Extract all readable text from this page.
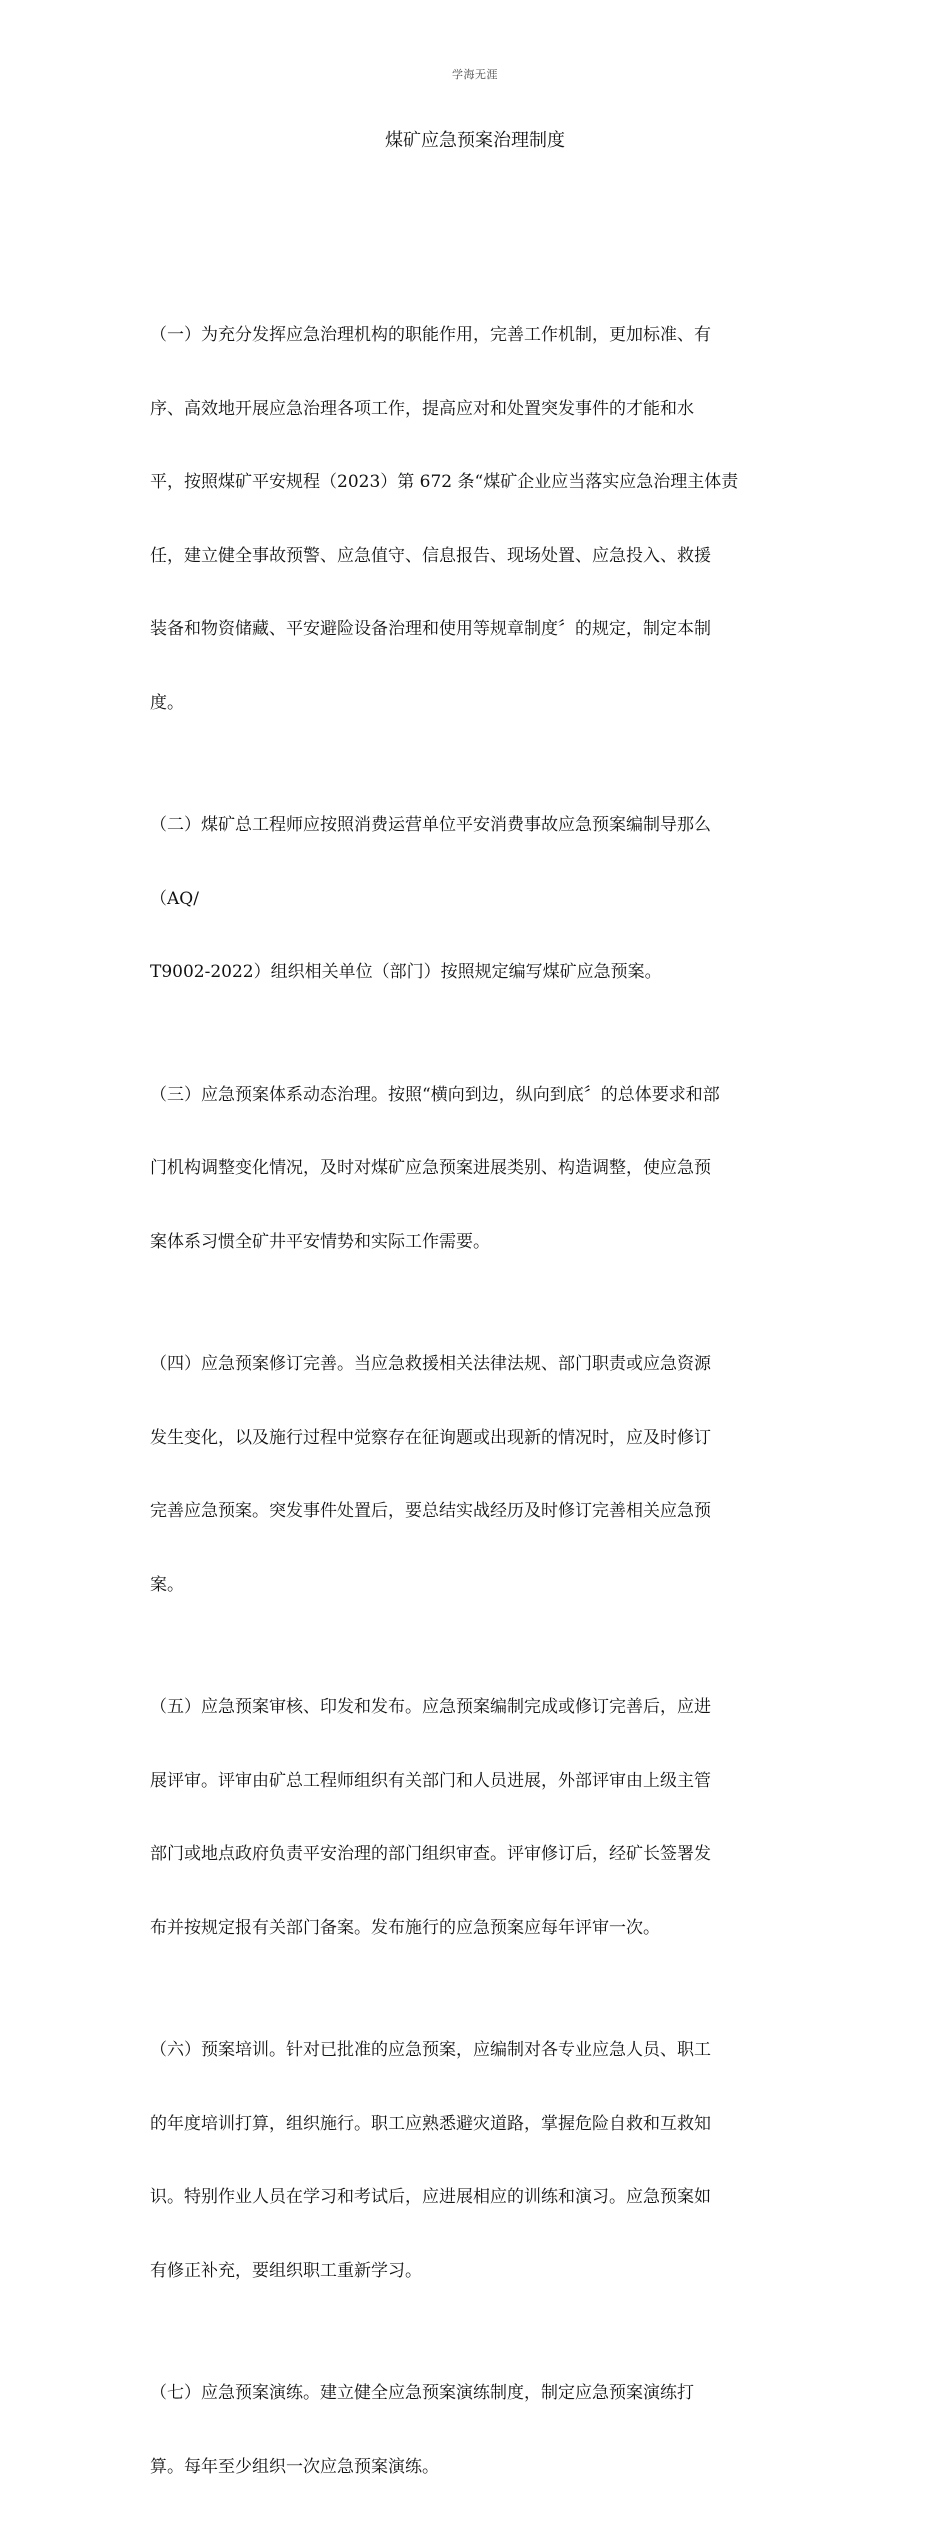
学海无涯
煤矿应急预案治理制度

（一）为充分发挥应急治理机构的职能作用，完善工作机制，更加标准、有

序、高效地开展应急治理各项工作，提高应对和处置突发事件的才能和水

平，按照煤矿平安规程（2023）第 672 条“煤矿企业应当落实应急治理主体责

任，建立健全事故预警、应急值守、信息报告、现场处置、应急投入、救援

装备和物资储藏、平安避险设备治理和使用等规章制度〞的规定，制定本制

度。

（二）煤矿总工程师应按照消费运营单位平安消费事故应急预案编制导那么

（AQ/

T9002-2022）组织相关单位（部门）按照规定编写煤矿应急预案。

（三）应急预案体系动态治理。按照“横向到边，纵向到底〞的总体要求和部

门机构调整变化情况，及时对煤矿应急预案进展类别、构造调整，使应急预

案体系习惯全矿井平安情势和实际工作需要。

（四）应急预案修订完善。当应急救援相关法律法规、部门职责或应急资源

发生变化，以及施行过程中觉察存在征询题或出现新的情况时，应及时修订

完善应急预案。突发事件处置后，要总结实战经历及时修订完善相关应急预

案。

（五）应急预案审核、印发和发布。应急预案编制完成或修订完善后，应进

展评审。评审由矿总工程师组织有关部门和人员进展，外部评审由上级主管

部门或地点政府负责平安治理的部门组织审查。评审修订后，经矿长签署发

布并按规定报有关部门备案。发布施行的应急预案应每年评审一次。

（六）预案培训。针对已批准的应急预案，应编制对各专业应急人员、职工

的年度培训打算，组织施行。职工应熟悉避灾道路，掌握危险自救和互救知

识。特别作业人员在学习和考试后，应进展相应的训练和演习。应急预案如

有修正补充，要组织职工重新学习。

（七）应急预案演练。建立健全应急预案演练制度，制定应急预案演练打

算。每年至少组织一次应急预案演练。
